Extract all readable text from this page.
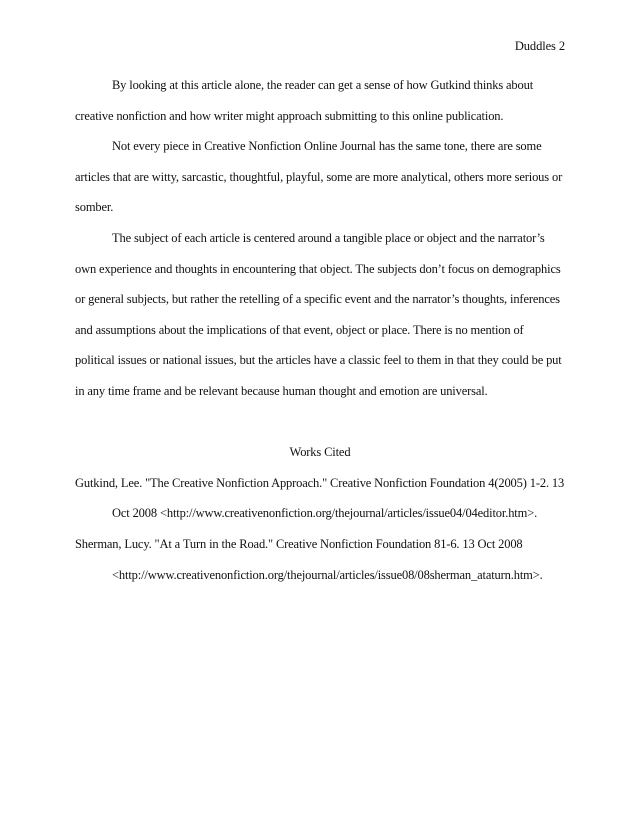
Duddles 2

By looking at this article alone, the reader can get a sense of how Gutkind thinks about creative nonfiction and how writer might approach submitting to this online publication.

Not every piece in Creative Nonfiction Online Journal has the same tone, there are some articles that are witty, sarcastic, thoughtful, playful, some are more analytical, others more serious or somber.

The subject of each article is centered around a tangible place or object and the narrator’s own experience and thoughts in encountering that object. The subjects don’t focus on demographics or general subjects, but rather the retelling of a specific event and the narrator’s thoughts, inferences and assumptions about the implications of that event, object or place. There is no mention of political issues or national issues, but the articles have a classic feel to them in that they could be put in any time frame and be relevant because human thought and emotion are universal.

Works Cited

Gutkind, Lee. "The Creative Nonfiction Approach." Creative Nonfiction Foundation 4(2005) 1-2. 13 Oct 2008 <http://www.creativenonfiction.org/thejournal/articles/issue04/04editor.htm>.

Sherman, Lucy. "At a Turn in the Road." Creative Nonfiction Foundation 81-6. 13 Oct 2008 <http://www.creativenonfiction.org/thejournal/articles/issue08/08sherman_ataturn.htm>.
